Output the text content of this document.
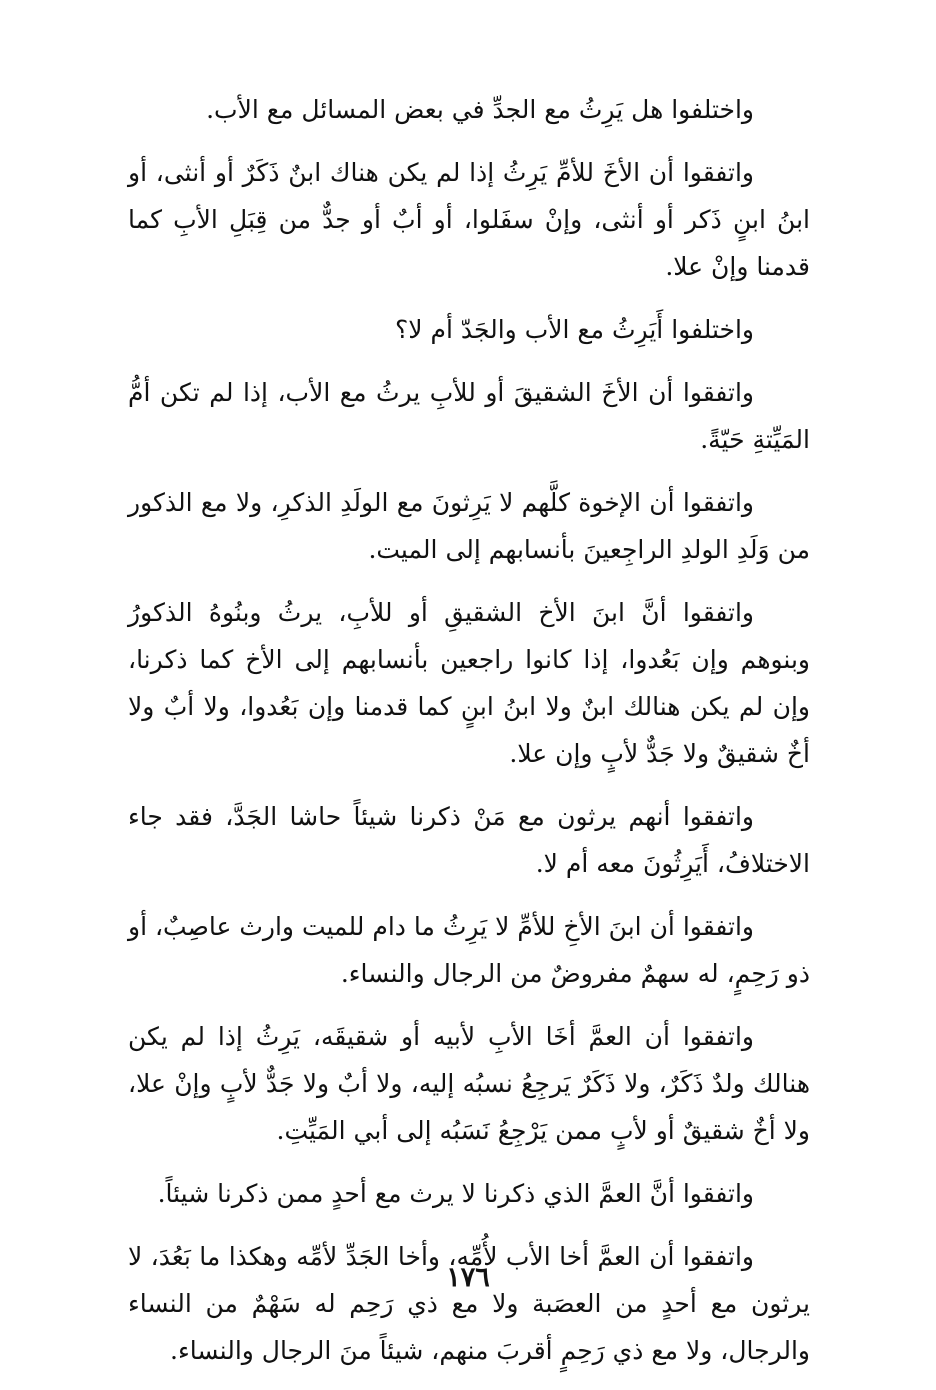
واختلفوا هل يَرِثُ مع الجدِّ في بعض المسائل مع الأب.

واتفقوا أن الأخَ للأمِّ يَرِثُ إذا لم يكن هناك ابنٌ ذَكَرٌ أو أنثى، أو ابنُ ابنٍ ذَكر أو أنثى، وإنْ سفَلوا، أو أبٌ أو جدٌّ من قِبَلِ الأبِ كما قدمنا وإنْ علا.

واختلفوا أَيَرِثُ مع الأب والجَدّ أم لا؟

واتفقوا أن الأخَ الشقيقَ أو للأبِ يرثُ مع الأب، إذا لم تكن أمُّ المَيِّتةِ حَيّةً.

واتفقوا أن الإخوة كلَّهم لا يَرِثونَ مع الولَدِ الذكرِ، ولا مع الذكور من وَلَدِ الولدِ الراجِعينَ بأنسابهم إلى الميت.

واتفقوا أنَّ ابنَ الأخ الشقيقِ أو للأبِ، يرثُ وبنُوهُ الذكورُ وبنوهم وإن بَعُدوا، إذا كانوا راجعين بأنسابهم إلى الأخ كما ذكرنا، وإن لم يكن هنالك ابنٌ ولا ابنُ ابنٍ كما قدمنا وإن بَعُدوا، ولا أبٌ ولا أخٌ شقيقٌ ولا جَدٌّ لأبٍ وإن علا.

واتفقوا أنهم يرثون مع مَنْ ذكرنا شيئاً حاشا الجَدَّ، فقد جاء الاختلافُ، أَيَرِثُونَ معه أم لا.

واتفقوا أن ابنَ الأخِ للأمِّ لا يَرِثُ ما دام للميت وارث عاصِبٌ، أو ذو رَحِمٍ، له سهمٌ مفروضٌ من الرجال والنساء.

واتفقوا أن العمَّ أخَا الأبِ لأبيه أو شقيقَه، يَرِثُ إذا لم يكن هنالك ولدٌ ذَكَرٌ، ولا ذَكَرٌ يَرجِعُ نسبُه إليه، ولا أبٌ ولا جَدٌّ لأبٍ وإنْ علا، ولا أخٌ شقيقٌ أو لأبٍ ممن يَرْجِعُ نَسَبُه إلى أبي المَيِّتِ.

واتفقوا أنَّ العمَّ الذي ذكرنا لا يرث مع أحدٍ ممن ذكرنا شيئاً.

واتفقوا أن العمَّ أخا الأب لأُمِّه، وأخا الجَدِّ لأمِّه وهكذا ما بَعُدَ، لا يرثون مع أحدٍ من العصَبة ولا مع ذي رَحِم له سَهْمٌ من النساء والرجال، ولا مع ذي رَحِمٍ أقربَ منهم، شيئاً منَ الرجال والنساء.

١٧٦
